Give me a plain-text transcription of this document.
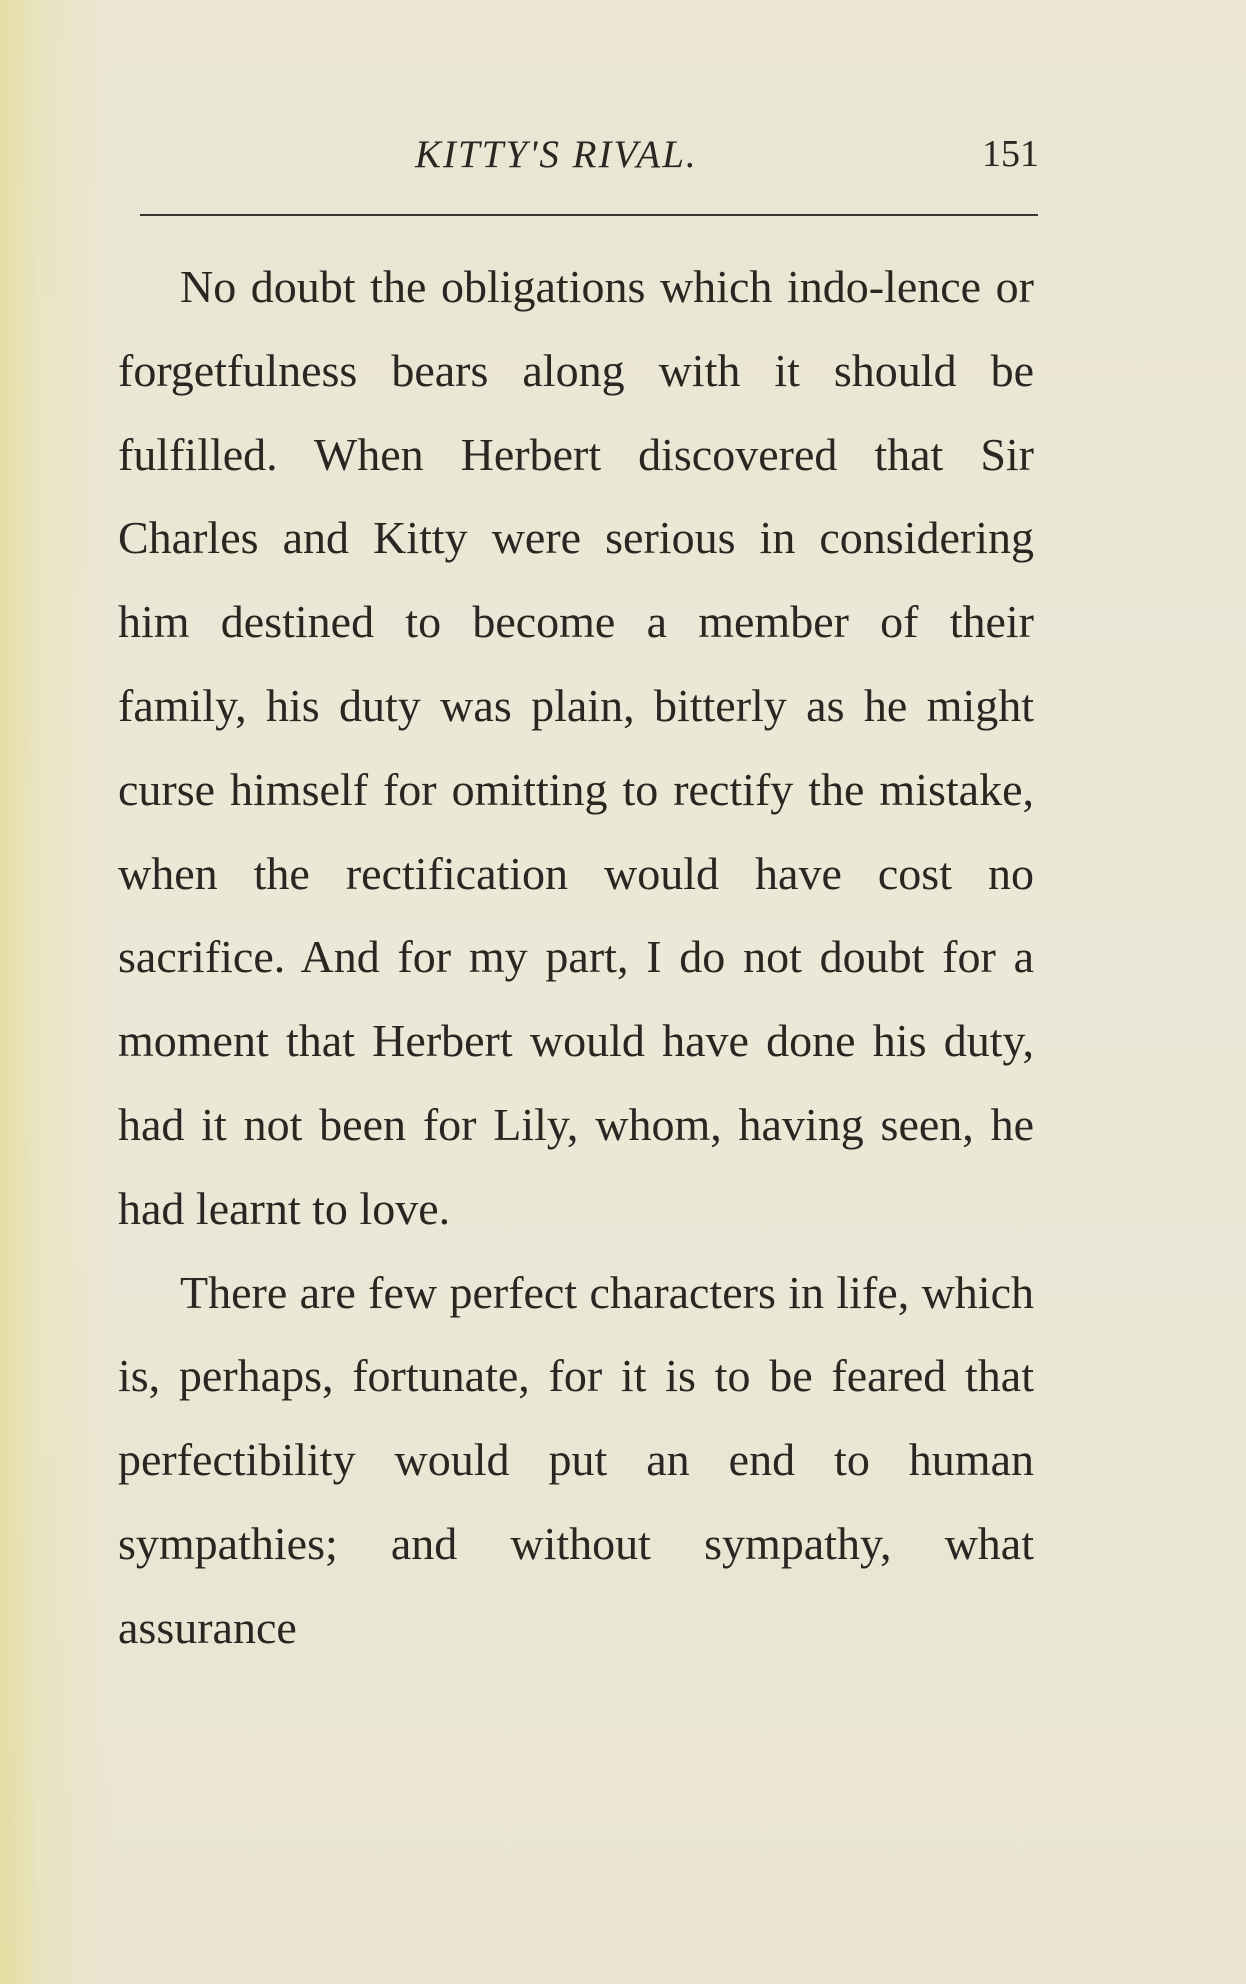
KITTY'S RIVAL.	151

No doubt the obligations which indo-lence or forgetfulness bears along with it should be fulfilled. When Herbert discovered that Sir Charles and Kitty were serious in considering him destined to become a member of their family, his duty was plain, bitterly as he might curse himself for omitting to rectify the mistake, when the rectification would have cost no sacrifice. And for my part, I do not doubt for a moment that Herbert would have done his duty, had it not been for Lily, whom, having seen, he had learnt to love.

There are few perfect characters in life, which is, perhaps, fortunate, for it is to be feared that perfectibility would put an end to human sympathies; and without sympathy, what assurance
